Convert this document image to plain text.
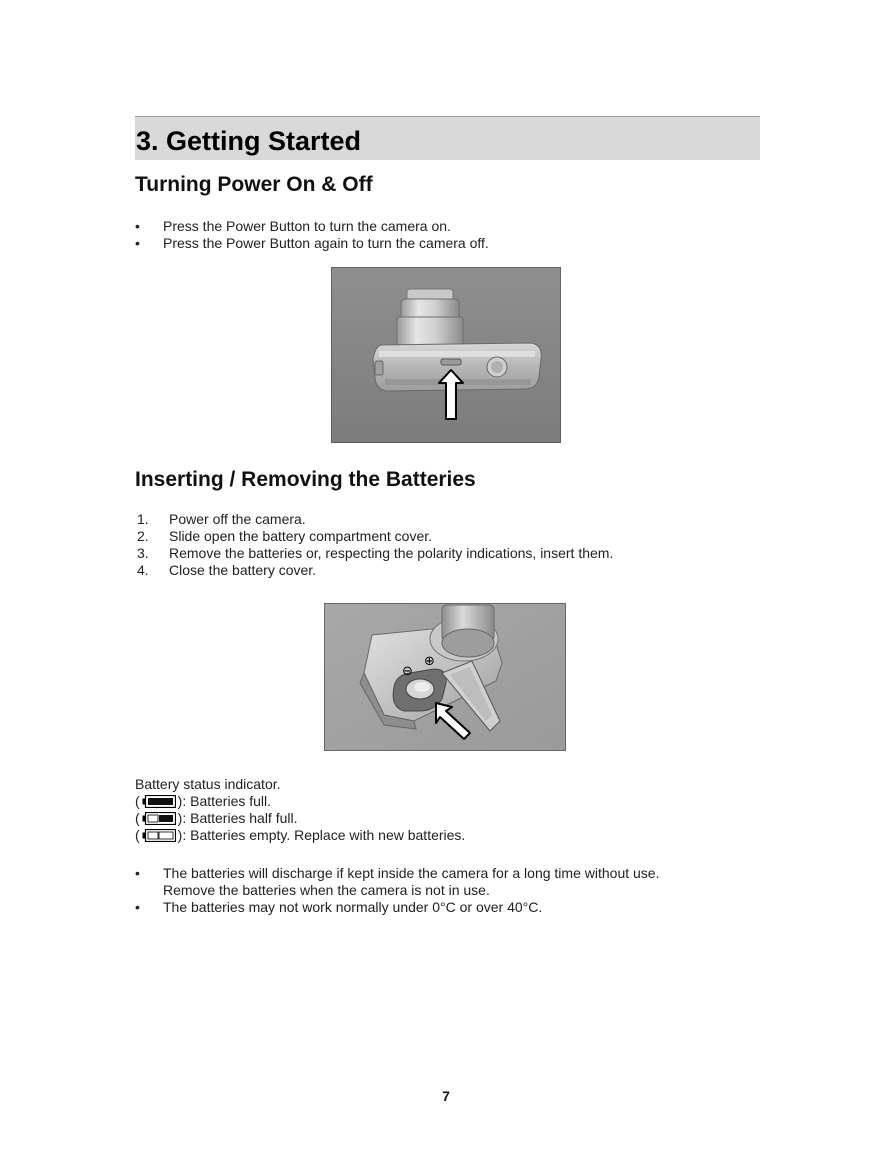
3. Getting Started
Turning Power On & Off
• Press the Power Button to turn the camera on.
• Press the Power Button again to turn the camera off.
Inserting / Removing the Batteries
1. Power off the camera.
2. Slide open the battery compartment cover.
3. Remove the batteries or, respecting the polarity indications, insert them.
4. Close the battery cover.
⊖
⊕
Battery status indicator.
(	): Batteries full.
(	): Batteries half full.
(	): Batteries empty. Replace with new batteries.
• The batteries will discharge if kept inside the camera for a long time without use. Remove the batteries when the camera is not in use.
• The batteries may not work normally under 0°C or over 40°C.
7
